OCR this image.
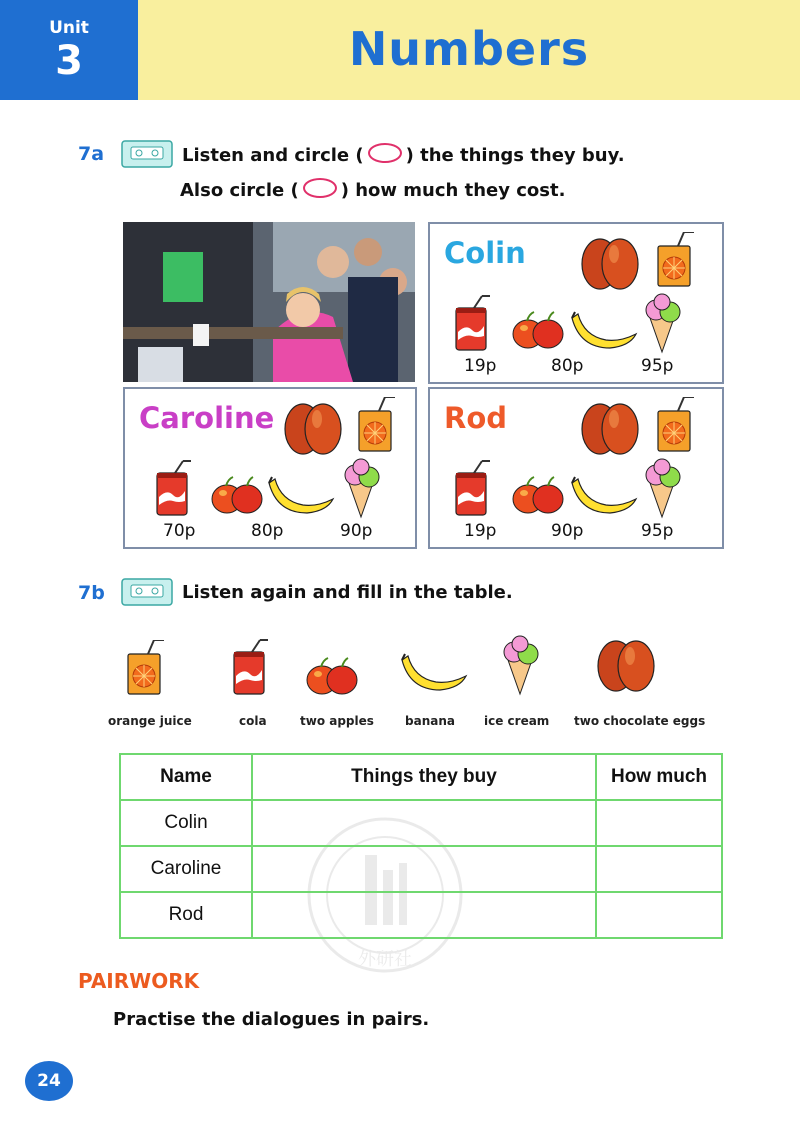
Unit
3	Numbers
7a	Listen and circle ( ) the things they buy.
Also circle ( ) how much they cost.
Colin
19p	80p	95p
Caroline
70p	80p	90p
Rod
19p	90p	95p
7b	Listen again and fill in the table.
orange juice	cola	two apples	banana ice cream two chocolate eggs
外研社
Name	Things they buy	How much
Colin		
Caroline		
Rod		
PAIRWORK
Practise the dialogues in pairs.
24
